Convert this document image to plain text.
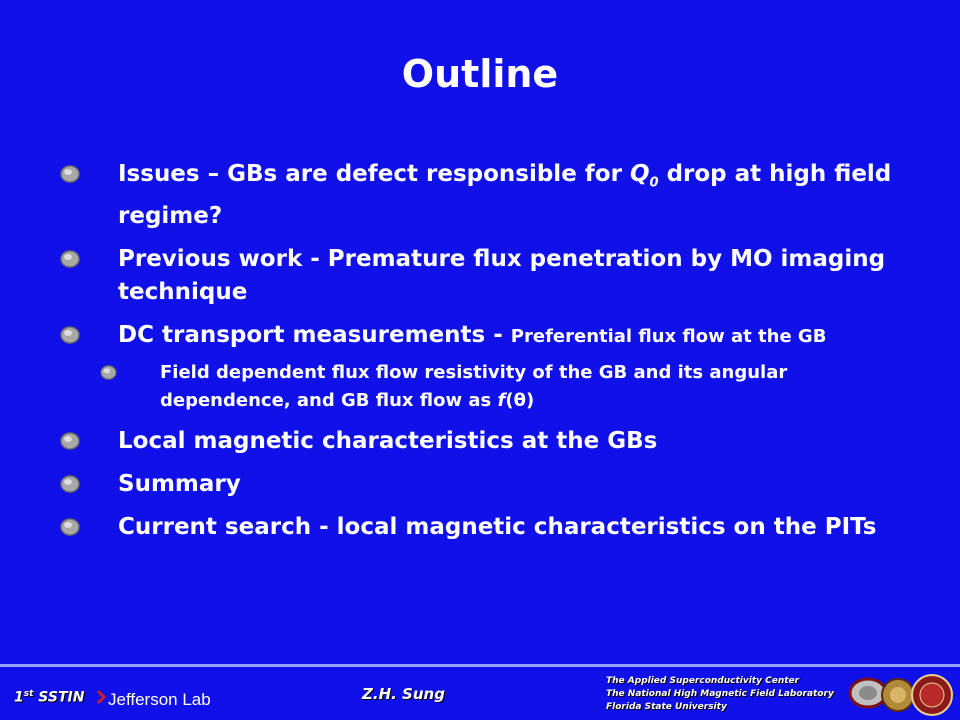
Outline
Issues – GBs are defect responsible for $Q_0$ drop at high field regime?
Previous work - Premature flux penetration by MO imaging technique
DC transport measurements - Preferential flux flow at the GB
Field dependent flux flow resistivity of the GB and its angular dependence, and GB flux flow as f(θ)
Local magnetic characteristics at the GBs
Summary
Current search - local magnetic characteristics on the PITs
1st SSTIN Jefferson Lab	Z.H. Sung
The Applied Superconductivity Center
The National High Magnetic Field Laboratory
Florida State University
